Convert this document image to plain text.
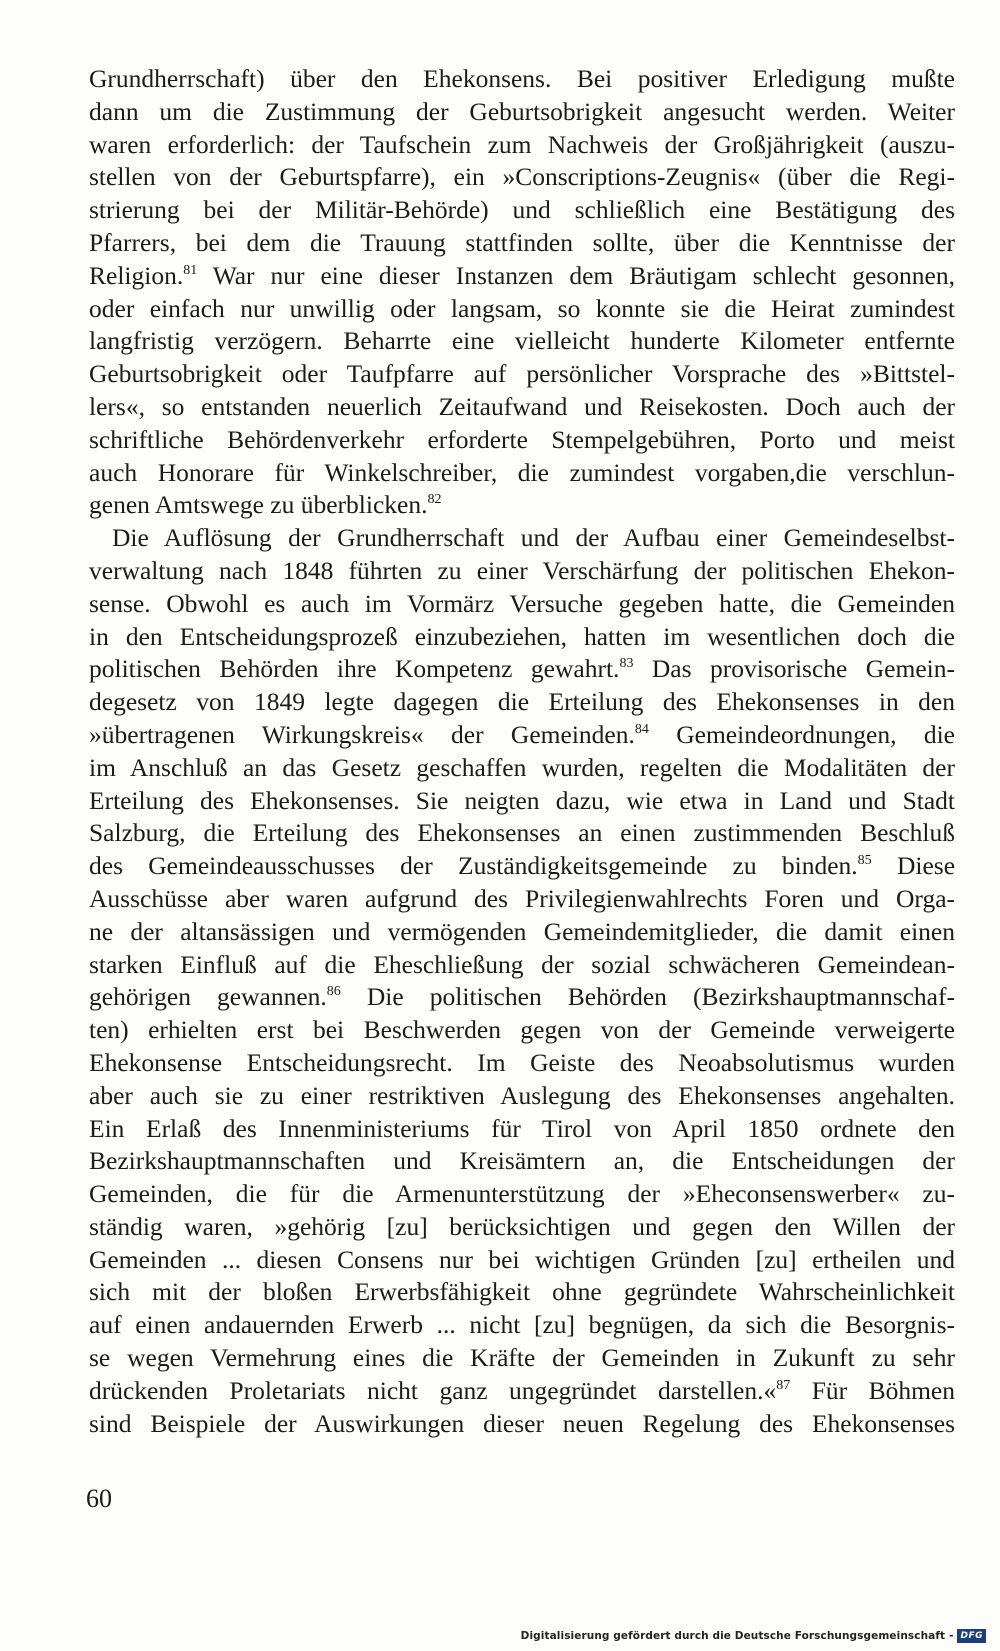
Grundherrschaft) über den Ehekonsens. Bei positiver Erledigung mußte
dann um die Zustimmung der Geburtsobrigkeit angesucht werden. Weiter
waren erforderlich: der Taufschein zum Nachweis der Großjährigkeit (auszu-
stellen von der Geburtspfarre), ein »Conscriptions-Zeugnis« (über die Regi-
strierung bei der Militär-Behörde) und schließlich eine Bestätigung des
Pfarrers, bei dem die Trauung stattfinden sollte, über die Kenntnisse der
Religion.$^{81}$ War nur eine dieser Instanzen dem Bräutigam schlecht gesonnen,
oder einfach nur unwillig oder langsam, so konnte sie die Heirat zumindest
langfristig verzögern. Beharrte eine vielleicht hunderte Kilometer entfernte
Geburtsobrigkeit oder Taufpfarre auf persönlicher Vorsprache des »Bittstel-
lers«, so entstanden neuerlich Zeitaufwand und Reisekosten. Doch auch der
schriftliche Behördenverkehr erforderte Stempelgebühren, Porto und meist
auch Honorare für Winkelschreiber, die zumindest vorgaben,die verschlun-
genen Amtswege zu überblicken.$^{82}$
Die Auflösung der Grundherrschaft und der Aufbau einer Gemeindeselbst-
verwaltung nach 1848 führten zu einer Verschärfung der politischen Ehekon-
sense. Obwohl es auch im Vormärz Versuche gegeben hatte, die Gemeinden
in den Entscheidungsprozeß einzubeziehen, hatten im wesentlichen doch die
politischen Behörden ihre Kompetenz gewahrt.$^{83}$ Das provisorische Gemein-
degesetz von 1849 legte dagegen die Erteilung des Ehekonsenses in den
»übertragenen Wirkungskreis« der Gemeinden.$^{84}$ Gemeindeordnungen, die
im Anschluß an das Gesetz geschaffen wurden, regelten die Modalitäten der
Erteilung des Ehekonsenses. Sie neigten dazu, wie etwa in Land und Stadt
Salzburg, die Erteilung des Ehekonsenses an einen zustimmenden Beschluß
des Gemeindeausschusses der Zuständigkeitsgemeinde zu binden.$^{85}$ Diese
Ausschüsse aber waren aufgrund des Privilegienwahlrechts Foren und Orga-
ne der altansässigen und vermögenden Gemeindemitglieder, die damit einen
starken Einfluß auf die Eheschließung der sozial schwächeren Gemeindean-
gehörigen gewannen.$^{86}$ Die politischen Behörden (Bezirkshauptmannschaf-
ten) erhielten erst bei Beschwerden gegen von der Gemeinde verweigerte
Ehekonsense Entscheidungsrecht. Im Geiste des Neoabsolutismus wurden
aber auch sie zu einer restriktiven Auslegung des Ehekonsenses angehalten.
Ein Erlaß des Innenministeriums für Tirol von April 1850 ordnete den
Bezirkshauptmannschaften und Kreisämtern an, die Entscheidungen der
Gemeinden, die für die Armenunterstützung der »Eheconsenswerber« zu-
ständig waren, »gehörig [zu] berücksichtigen und gegen den Willen der
Gemeinden ... diesen Consens nur bei wichtigen Gründen [zu] ertheilen und
sich mit der bloßen Erwerbsfähigkeit ohne gegründete Wahrscheinlichkeit
auf einen andauernden Erwerb ... nicht [zu] begnügen, da sich die Besorgnis-
se wegen Vermehrung eines die Kräfte der Gemeinden in Zukunft zu sehr
drückenden Proletariats nicht ganz ungegründet darstellen.«$^{87}$ Für Böhmen
sind Beispiele der Auswirkungen dieser neuen Regelung des Ehekonsenses
60
Digitalisierung gefördert durch die Deutsche Forschungsgemeinschaft - DFG
